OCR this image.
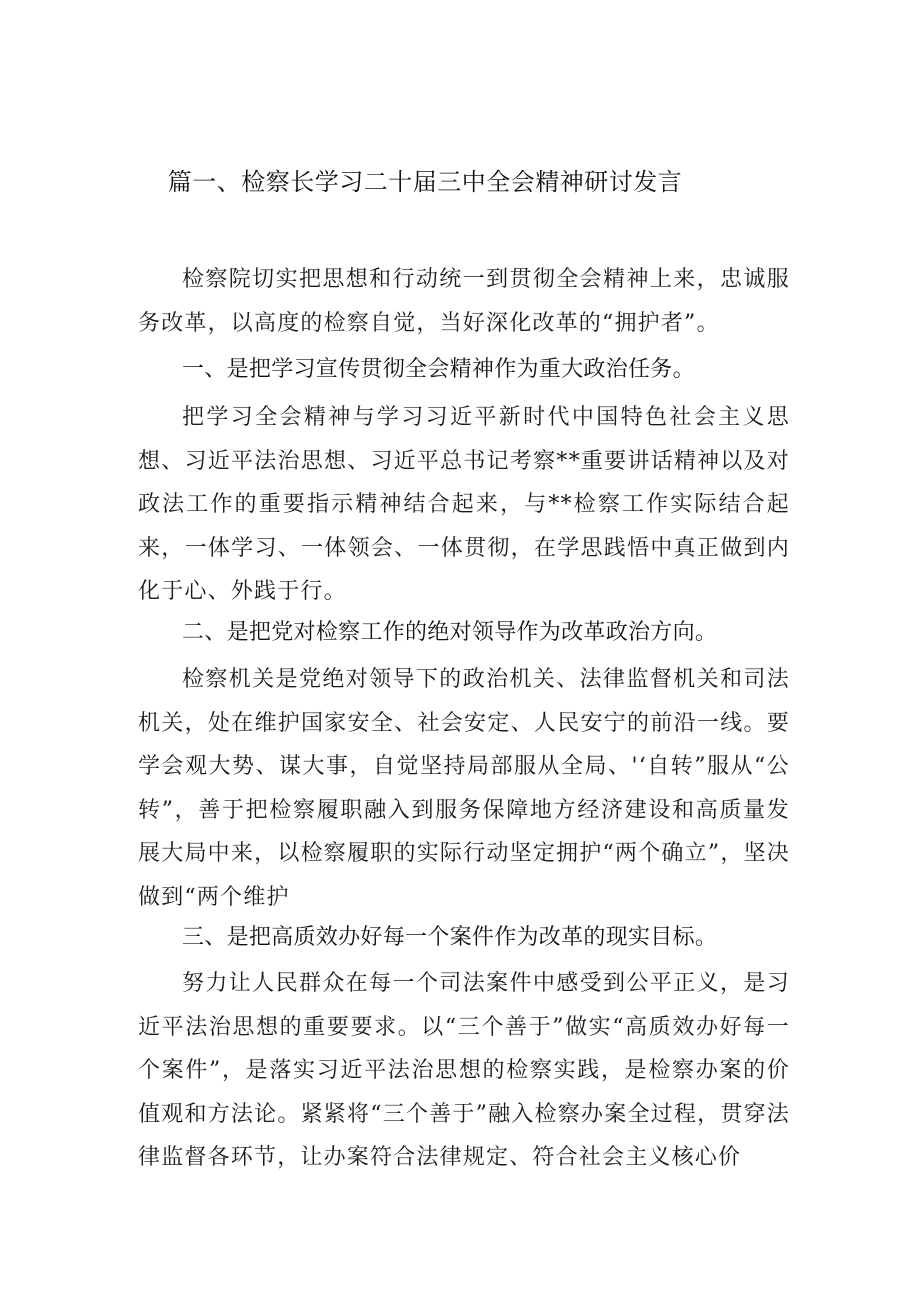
篇一、检察长学习二十届三中全会精神研讨发言

检察院切实把思想和行动统一到贯彻全会精神上来，忠诚服务改革，以高度的检察自觉，当好深化改革的“拥护者”。

一、是把学习宣传贯彻全会精神作为重大政治任务。

把学习全会精神与学习习近平新时代中国特色社会主义思想、习近平法治思想、习近平总书记考察**重要讲话精神以及对政法工作的重要指示精神结合起来，与**检察工作实际结合起来，一体学习、一体领会、一体贯彻，在学思践悟中真正做到内化于心、外践于行。

二、是把党对检察工作的绝对领导作为改革政治方向。

检察机关是党绝对领导下的政治机关、法律监督机关和司法机关，处在维护国家安全、社会安定、人民安宁的前沿一线。要学会观大势、谋大事，自觉坚持局部服从全局、'‘自转”服从“公转”，善于把检察履职融入到服务保障地方经济建设和高质量发展大局中来，以检察履职的实际行动坚定拥护“两个确立”，坚决做到“两个维护

三、是把高质效办好每一个案件作为改革的现实目标。

努力让人民群众在每一个司法案件中感受到公平正义，是习近平法治思想的重要要求。以“三个善于”做实“高质效办好每一个案件”，是落实习近平法治思想的检察实践，是检察办案的价值观和方法论。紧紧将“三个善于”融入检察办案全过程，贯穿法律监督各环节，让办案符合法律规定、符合社会主义核心价
